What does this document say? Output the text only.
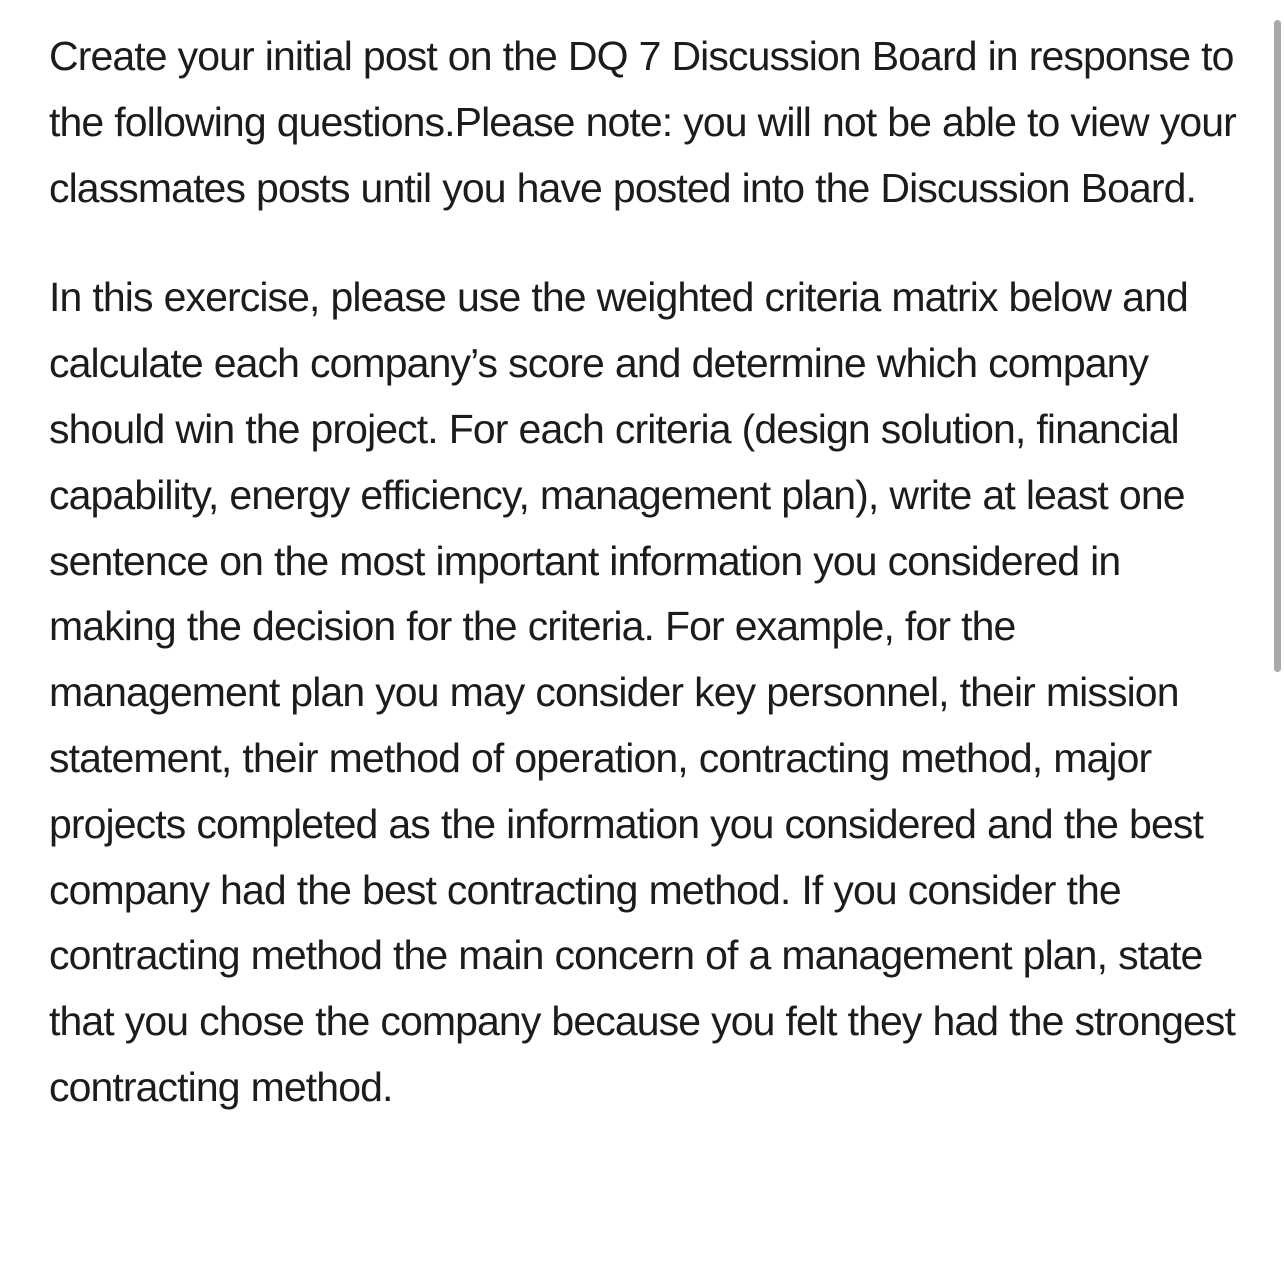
Create your initial post on the DQ 7 Discussion Board in response to the following questions.Please note: you will not be able to view your classmates posts until you have posted into the Discussion Board.

In this exercise, please use the weighted criteria matrix below and calculate each company’s score and determine which company should win the project. For each criteria (design solution, financial capability, energy efficiency, management plan), write at least one sentence on the most important information you considered in making the decision for the criteria. For example, for the management plan you may consider key personnel, their mission statement, their method of operation, contracting method, major projects completed as the information you considered and the best company had the best contracting method. If you consider the contracting method the main concern of a management plan, state that you chose the company because you felt they had the strongest contracting method.
